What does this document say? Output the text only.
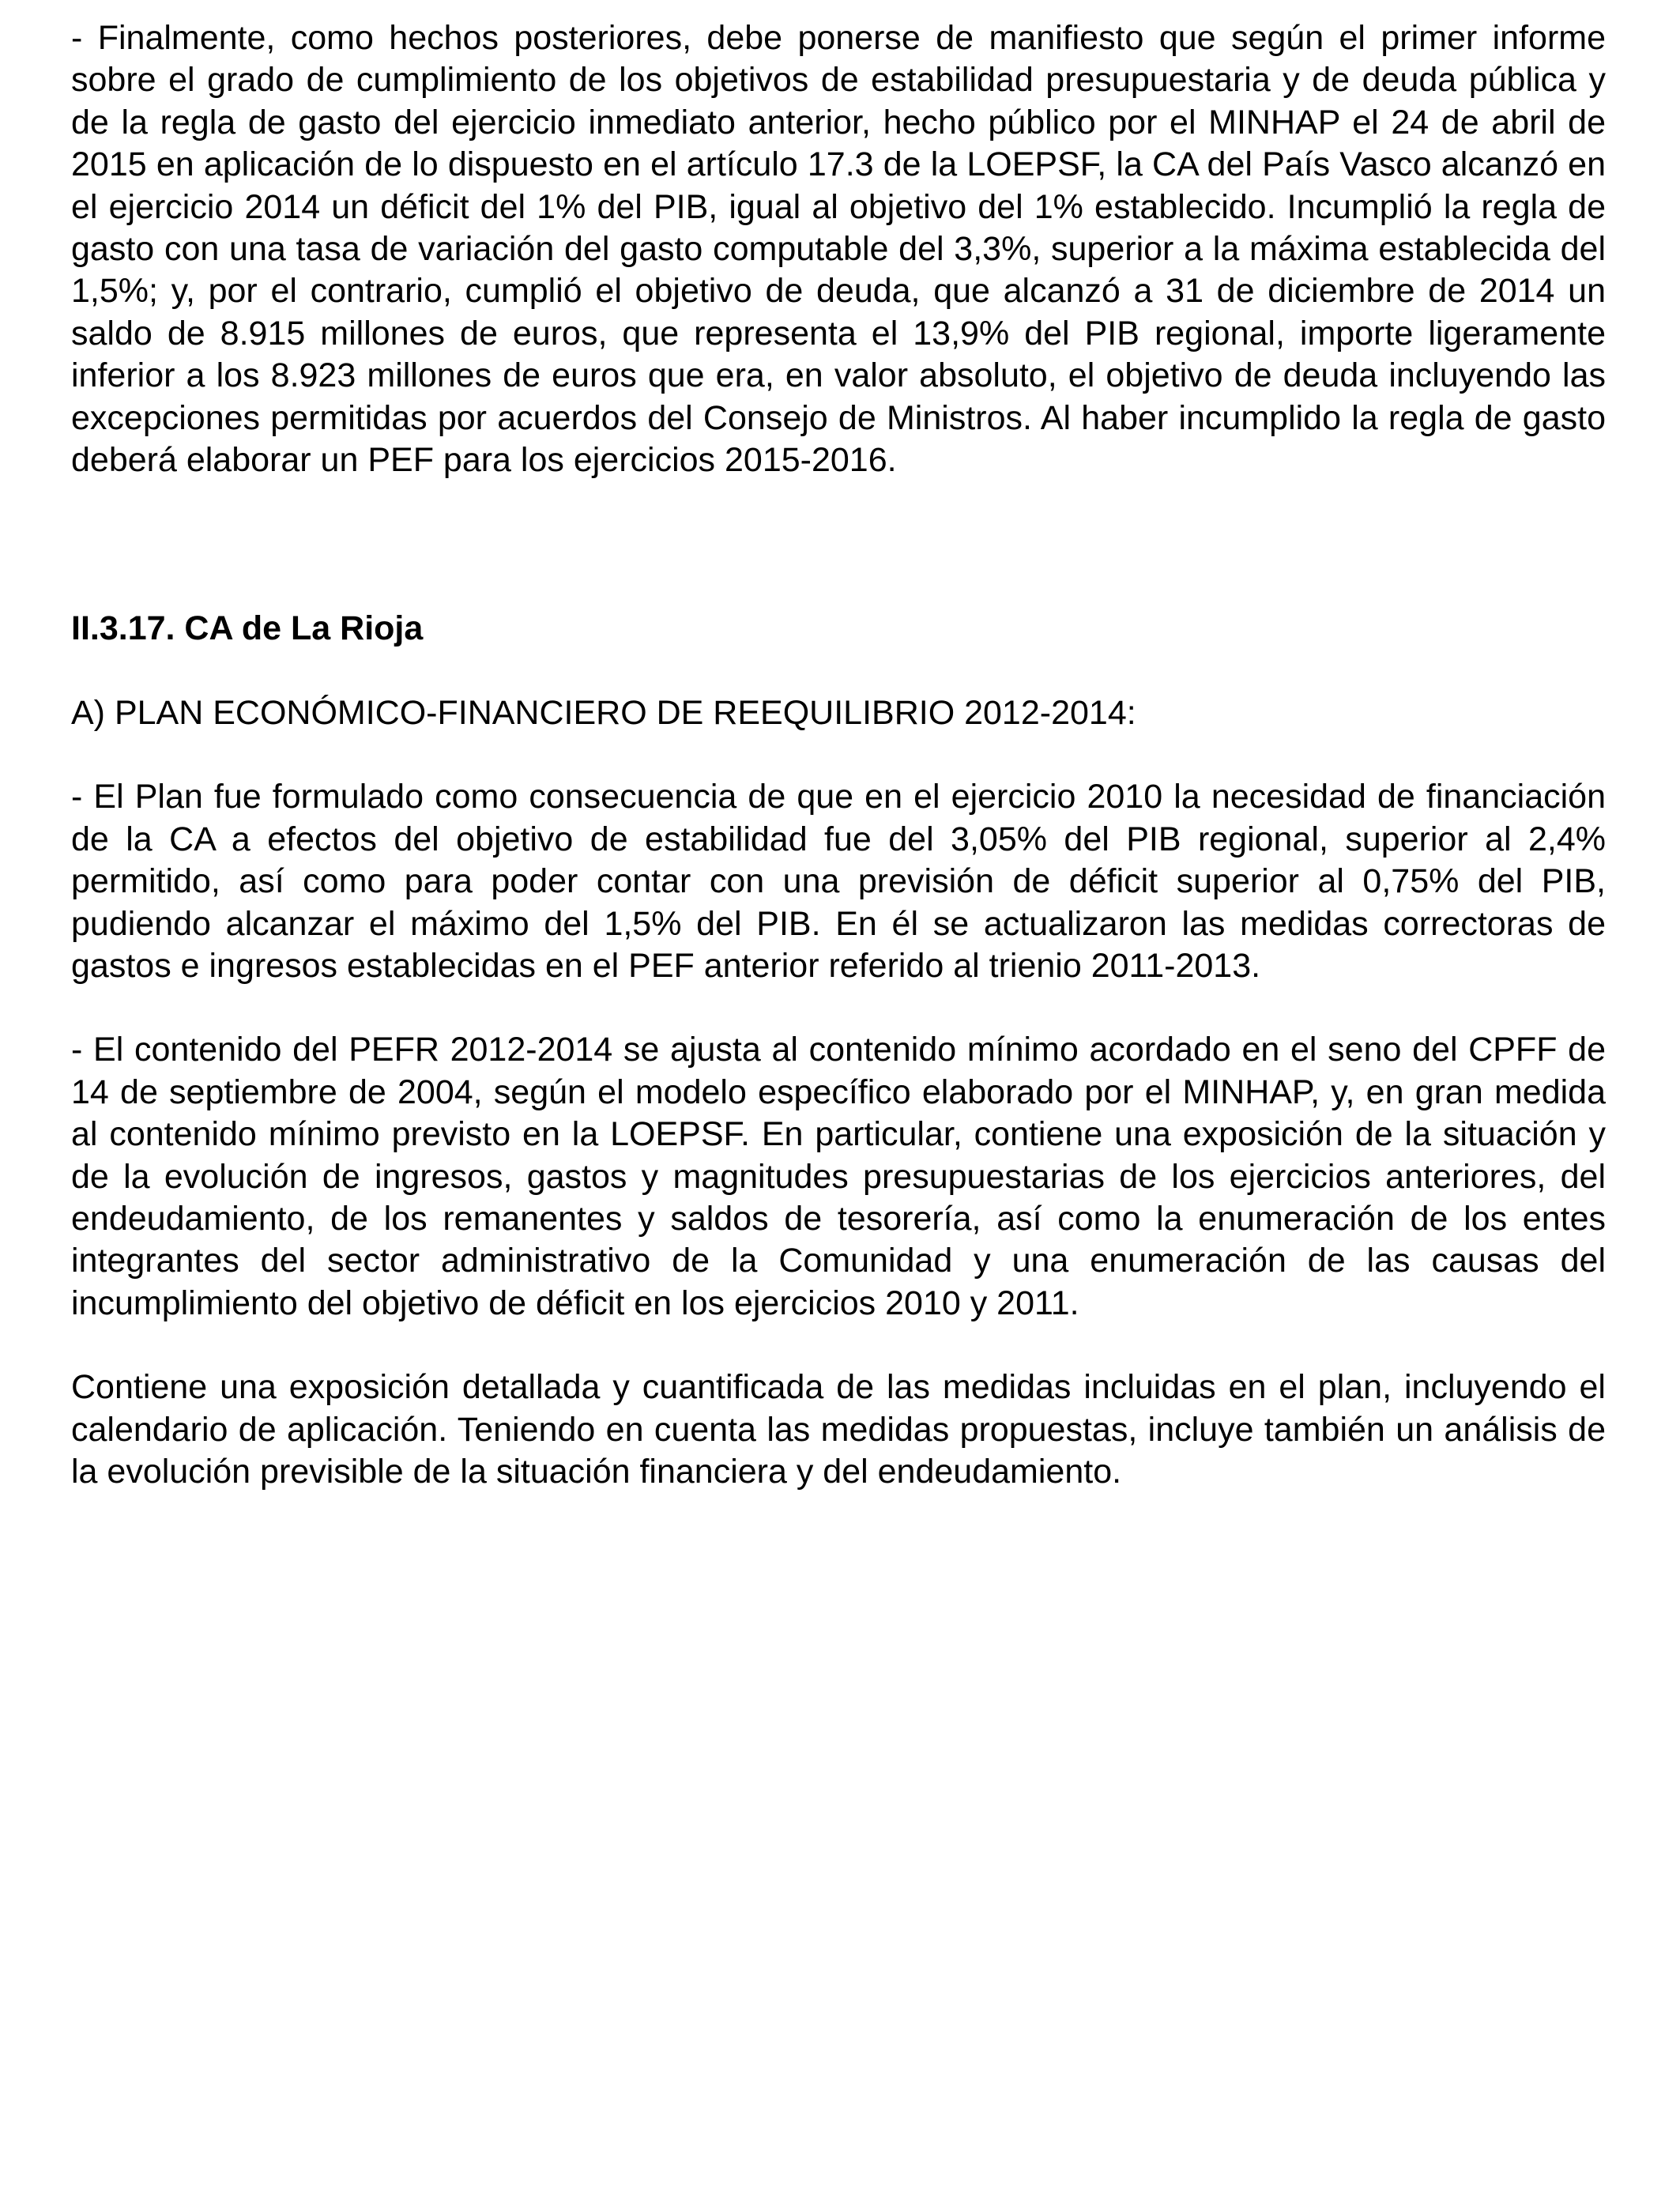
- Finalmente, como hechos posteriores, debe ponerse de manifiesto que según el primer informe sobre el grado de cumplimiento de los objetivos de estabilidad presupuestaria y de deuda pública y de la regla de gasto del ejercicio inmediato anterior, hecho público por el MINHAP el 24 de abril de 2015 en aplicación de lo dispuesto en el artículo 17.3 de la LOEPSF, la CA del País Vasco alcanzó en el ejercicio 2014 un déficit del 1% del PIB, igual al objetivo del 1% establecido. Incumplió la regla de gasto con una tasa de variación del gasto computable del 3,3%, superior a la máxima establecida del 1,5%; y, por el contrario, cumplió el objetivo de deuda, que alcanzó a 31 de diciembre de 2014 un saldo de 8.915 millones de euros, que representa el 13,9% del PIB regional, importe ligeramente inferior a los 8.923 millones de euros que era, en valor absoluto, el objetivo de deuda incluyendo las excepciones permitidas por acuerdos del Consejo de Ministros. Al haber incumplido la regla de gasto deberá elaborar un PEF para los ejercicios 2015-2016.

II.3.17. CA de La Rioja

A) PLAN ECONÓMICO-FINANCIERO DE REEQUILIBRIO 2012-2014:

- El Plan fue formulado como consecuencia de que en el ejercicio 2010 la necesidad de financiación de la CA a efectos del objetivo de estabilidad fue del 3,05% del PIB regional, superior al 2,4% permitido, así como para poder contar con una previsión de déficit superior al 0,75% del PIB, pudiendo alcanzar el máximo del 1,5% del PIB. En él se actualizaron las medidas correctoras de gastos e ingresos establecidas en el PEF anterior referido al trienio 2011-2013.

- El contenido del PEFR 2012-2014 se ajusta al contenido mínimo acordado en el seno del CPFF de 14 de septiembre de 2004, según el modelo específico elaborado por el MINHAP, y, en gran medida al contenido mínimo previsto en la LOEPSF. En particular, contiene una exposición de la situación y de la evolución de ingresos, gastos y magnitudes presupuestarias de los ejercicios anteriores, del endeudamiento, de los remanentes y saldos de tesorería, así como la enumeración de los entes integrantes del sector administrativo de la Comunidad y una enumeración de las causas del incumplimiento del objetivo de déficit en los ejercicios 2010 y 2011.

Contiene una exposición detallada y cuantificada de las medidas incluidas en el plan, incluyendo el calendario de aplicación. Teniendo en cuenta las medidas propuestas, incluye también un análisis de la evolución previsible de la situación financiera y del endeudamiento.
